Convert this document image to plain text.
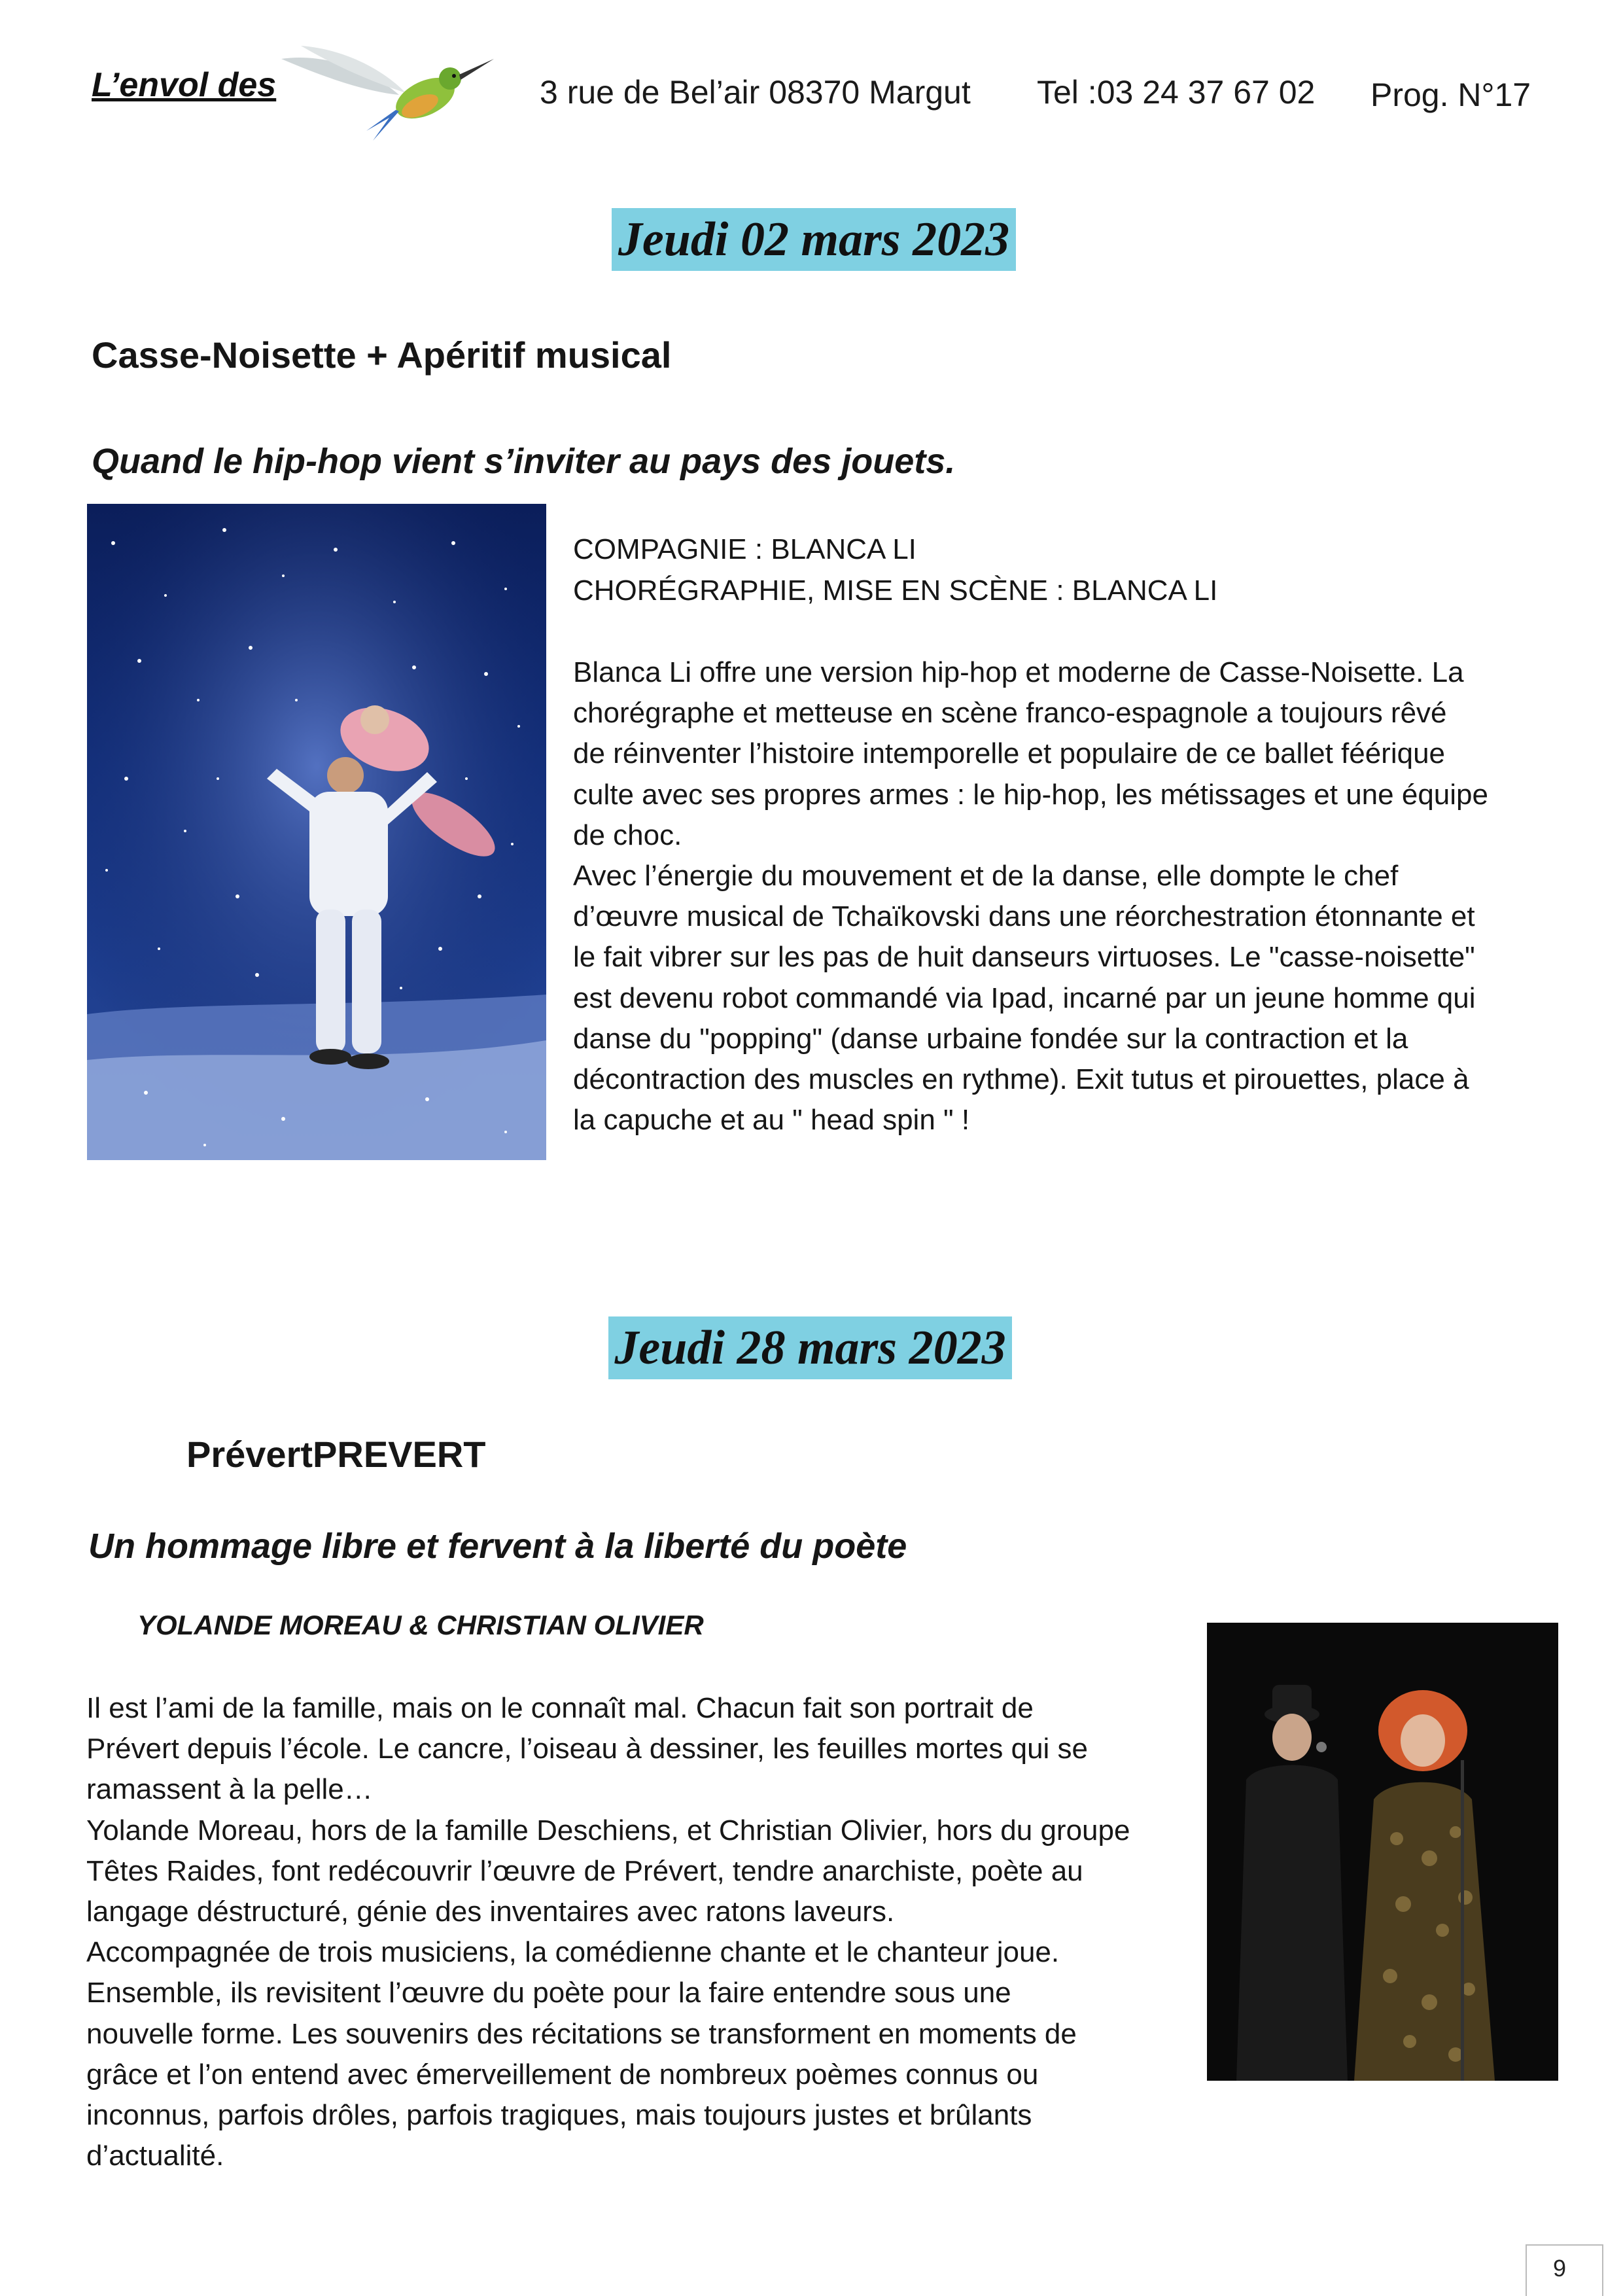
L’envol des	3 rue de Bel’air 08370 Margut Tel :03 24 37 67 02 Prog. N°17
Jeudi 02 mars 2023
Casse-Noisette + Apéritif musical
Quand le hip-hop vient s’inviter au pays des jouets.
COMPAGNIE : BLANCA LI
CHORÉGRAPHIE, MISE EN SCÈNE : BLANCA LI
Blanca Li offre une version hip-hop et moderne de Casse-Noisette. La
chorégraphe et metteuse en scène franco-espagnole a toujours rêvé
de réinventer l’histoire intemporelle et populaire de ce ballet féérique
culte avec ses propres armes : le hip-hop, les métissages et une équipe
de choc.
Avec l’énergie du mouvement et de la danse, elle dompte le chef
d’œuvre musical de Tchaïkovski dans une réorchestration étonnante et
le fait vibrer sur les pas de huit danseurs virtuoses. Le "casse-noisette"
est devenu robot commandé via Ipad, incarné par un jeune homme qui
danse du "popping" (danse urbaine fondée sur la contraction et la
décontraction des muscles en rythme). Exit tutus et pirouettes, place à
la capuche et au " head spin " !
Jeudi 28 mars 2023
PrévertPREVERT
Un hommage libre et fervent à la liberté du poète
YOLANDE MOREAU & CHRISTIAN OLIVIER
Il est l’ami de la famille, mais on le connaît mal. Chacun fait son portrait de
Prévert depuis l’école. Le cancre, l’oiseau à dessiner, les feuilles mortes qui se
ramassent à la pelle…
Yolande Moreau, hors de la famille Deschiens, et Christian Olivier, hors du groupe
Têtes Raides, font redécouvrir l’œuvre de Prévert, tendre anarchiste, poète au
langage déstructuré, génie des inventaires avec ratons laveurs.
Accompagnée de trois musiciens, la comédienne chante et le chanteur joue.
Ensemble, ils revisitent l’œuvre du poète pour la faire entendre sous une
nouvelle forme. Les souvenirs des récitations se transforment en moments de
grâce et l’on entend avec émerveillement de nombreux poèmes connus ou
inconnus, parfois drôles, parfois tragiques, mais toujours justes et brûlants
d’actualité.
9
